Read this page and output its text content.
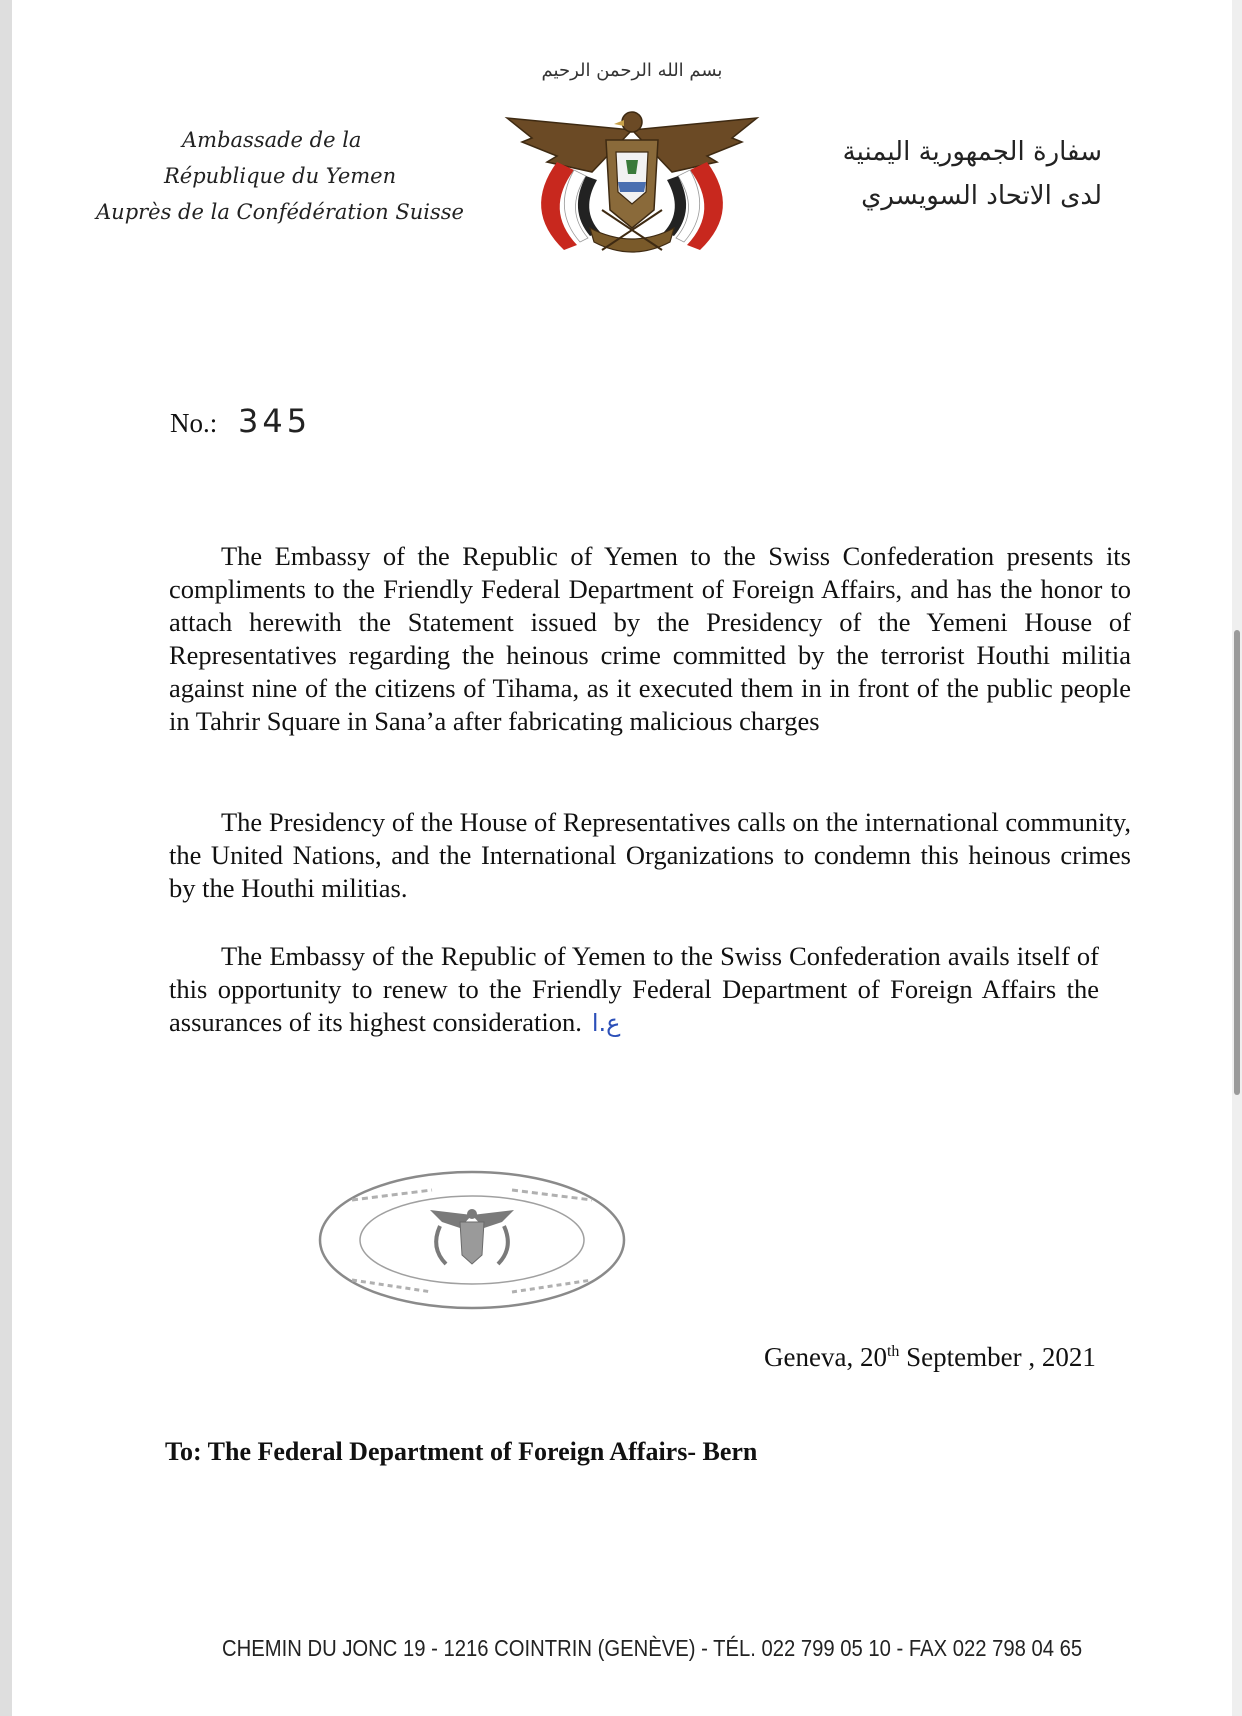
بسم الله الرحمن الرحيم
Ambassade de la
République du Yemen
Auprès de la Confédération Suisse
سفارة الجمهورية اليمنية
لدى الاتحاد السويسري
No.: 345

The Embassy of the Republic of Yemen to the Swiss Confederation presents its compliments to the Friendly Federal Department of Foreign Affairs, and has the honor to attach herewith the Statement issued by the Presidency of the Yemeni House of Representatives regarding the heinous crime committed by the terrorist Houthi militia against nine of the citizens of Tihama, as it executed them in in front of the public people in Tahrir Square in Sana’a after fabricating malicious charges

The Presidency of the House of Representatives calls on the international community, the United Nations, and the International Organizations to condemn this heinous crimes by the Houthi militias.

The Embassy of the Republic of Yemen to the Swiss Confederation avails itself of this opportunity to renew to the Friendly Federal Department of Foreign Affairs the assurances of its highest consideration. ع.ا

Geneva, 20th September , 2021
To: The Federal Department of Foreign Affairs- Bern
CHEMIN DU JONC 19 - 1216 COINTRIN (GENÈVE) - TÉL. 022 799 05 10 - FAX 022 798 04 65
